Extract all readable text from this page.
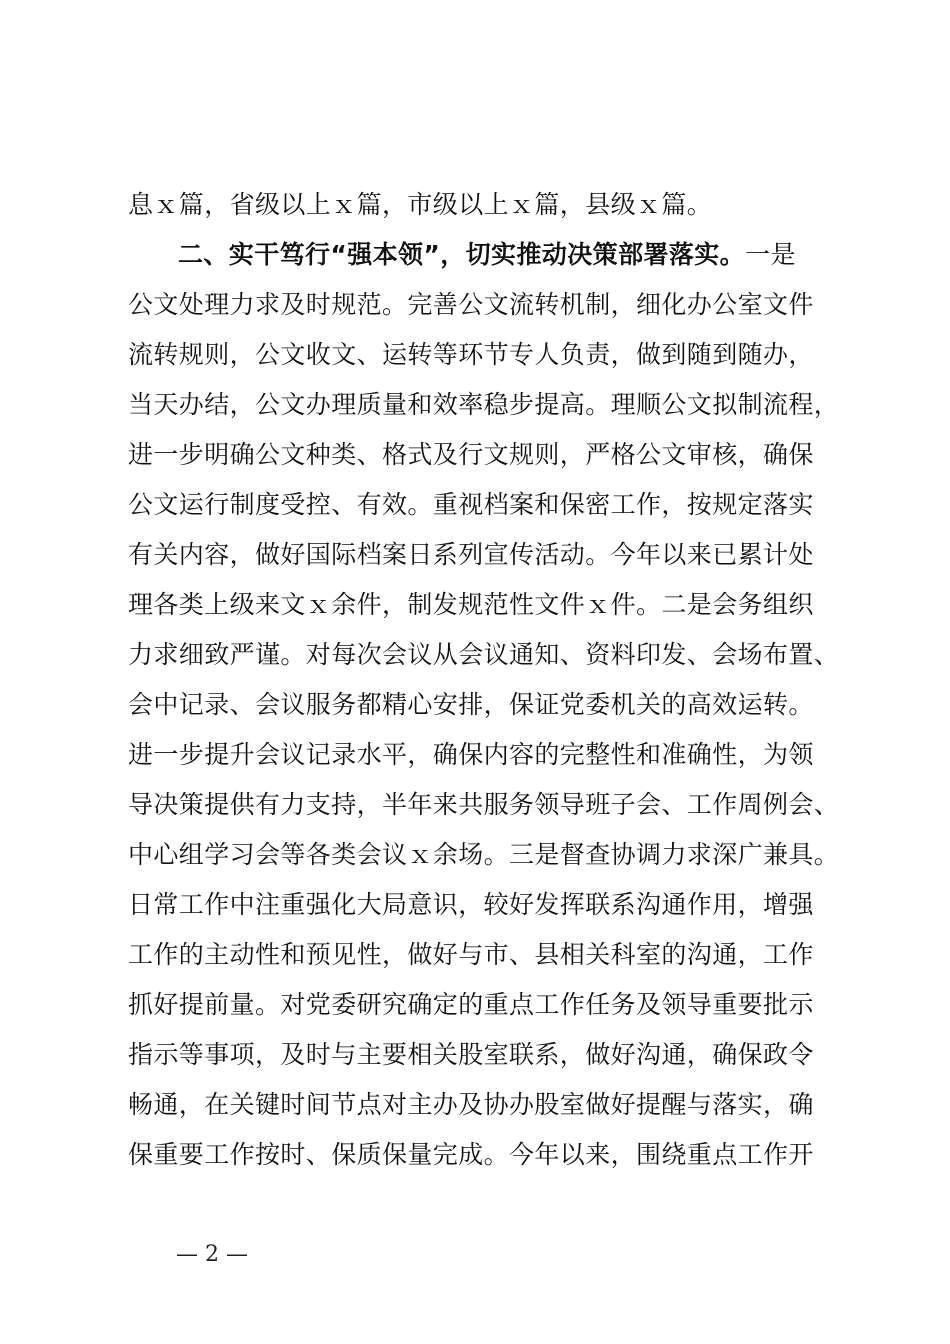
息ｘ篇，省级以上ｘ篇，市级以上ｘ篇，县级ｘ篇。
二、实干笃行“强本领”，切实推动决策部署落实。一是
公文处理力求及时规范。完善公文流转机制，细化办公室文件
流转规则，公文收文、运转等环节专人负责，做到随到随办，
当天办结，公文办理质量和效率稳步提高。理顺公文拟制流程，
进一步明确公文种类、格式及行文规则，严格公文审核，确保
公文运行制度受控、有效。重视档案和保密工作，按规定落实
有关内容，做好国际档案日系列宣传活动。今年以来已累计处
理各类上级来文ｘ余件，制发规范性文件ｘ件。二是会务组织
力求细致严谨。对每次会议从会议通知、资料印发、会场布置、
会中记录、会议服务都精心安排，保证党委机关的高效运转。
进一步提升会议记录水平，确保内容的完整性和准确性，为领
导决策提供有力支持，半年来共服务领导班子会、工作周例会、
中心组学习会等各类会议ｘ余场。三是督查协调力求深广兼具。
日常工作中注重强化大局意识，较好发挥联系沟通作用，增强
工作的主动性和预见性，做好与市、县相关科室的沟通，工作
抓好提前量。对党委研究确定的重点工作任务及领导重要批示
指示等事项，及时与主要相关股室联系，做好沟通，确保政令
畅通，在关键时间节点对主办及协办股室做好提醒与落实，确
保重要工作按时、保质保量完成。今年以来，围绕重点工作开
— 2 —
